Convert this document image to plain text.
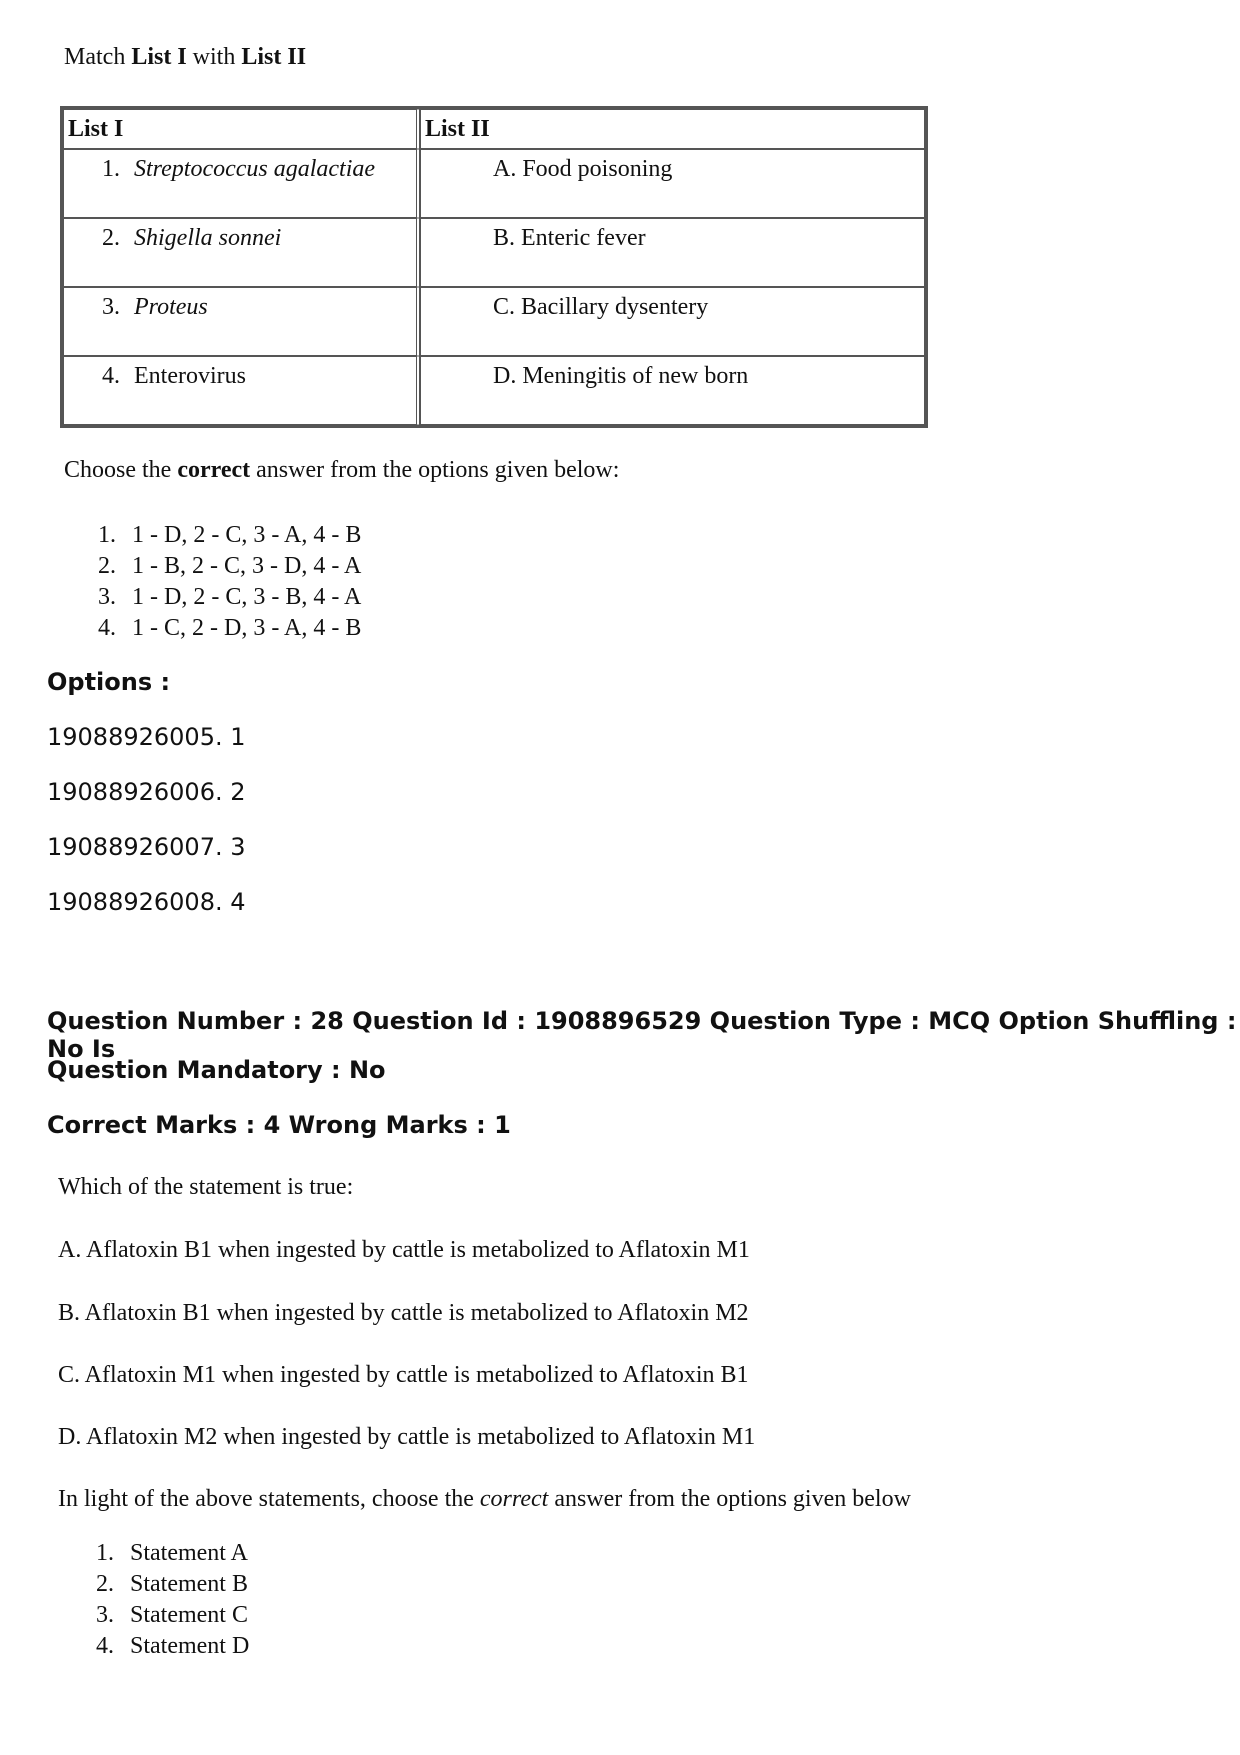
Match List I with List II
List I	List II

1. Streptococcus agalactiae	A. Food poisoning

2. Shigella sonnei	B. Enteric fever

3. Proteus	C. Bacillary dysentery

4. Enterovirus	D. Meningitis of new born
Choose the correct answer from the options given below:
1. 1 - D, 2 - C, 3 - A, 4 - B
2. 1 - B, 2 - C, 3 - D, 4 - A
3. 1 - D, 2 - C, 3 - B, 4 - A
4. 1 - C, 2 - D, 3 - A, 4 - B
Options :
19088926005. 1
19088926006. 2
19088926007. 3
19088926008. 4
Question Number : 28 Question Id : 1908896529 Question Type : MCQ Option Shuffling : No Is
Question Mandatory : No
Correct Marks : 4 Wrong Marks : 1
Which of the statement is true:
A. Aflatoxin B1 when ingested by cattle is metabolized to Aflatoxin M1
B. Aflatoxin B1 when ingested by cattle is metabolized to Aflatoxin M2
C. Aflatoxin M1 when ingested by cattle is metabolized to Aflatoxin B1
D. Aflatoxin M2 when ingested by cattle is metabolized to Aflatoxin M1
In light of the above statements, choose the correct answer from the options given below
1. Statement A
2. Statement B
3. Statement C
4. Statement D
